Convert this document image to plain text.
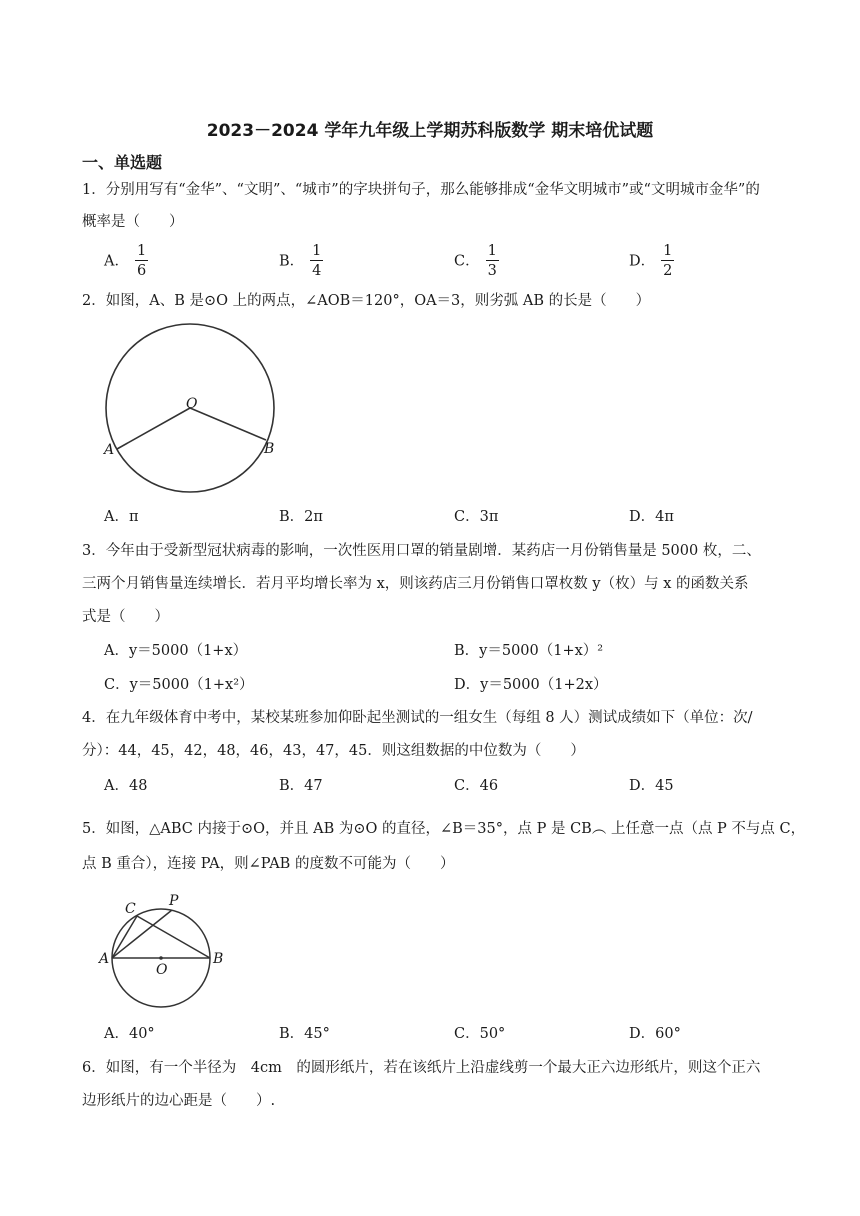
2023－2024 学年九年级上学期苏科版数学 期末培优试题
一、单选题
1．分别用写有“金华”、“文明”、“城市”的字块拼句子，那么能够排成“金华文明城市”或“文明城市金华”的
概率是（　　）
A． $\frac{1}{6}$	B． $\frac{1}{4}$	C． $\frac{1}{3}$	D． $\frac{1}{2}$
2．如图，A、B 是⊙O 上的两点，∠AOB＝120°，OA＝3，则劣弧 AB 的长是（　　）
O
A	B
A．π	B．2π	C．3π	D．4π
3．今年由于受新型冠状病毒的影响，一次性医用口罩的销量剧增．某药店一月份销售量是 5000 枚，二、
三两个月销售量连续增长．若月平均增长率为 x，则该药店三月份销售口罩枚数 y（枚）与 x 的函数关系
式是（　　）
A．y＝5000（1+x）	B．y＝5000（1+x）²
C．y＝5000（1+x²）	D．y＝5000（1+2x）
4．在九年级体育中考中，某校某班参加仰卧起坐测试的一组女生（每组 8 人）测试成绩如下（单位：次/
分）：44，45，42，48，46，43，47，45．则这组数据的中位数为（　　）
A．48	B．47	C．46	D．45
5．如图，△ABC 内接于⊙O，并且 AB 为⊙O 的直径，∠B＝35°，点 P 是 CB︵ 上任意一点（点 P 不与点 C，
点 B 重合），连接 PA，则∠PAB 的度数不可能为（　　）
C P
A
O
B
A．40°	B．45°	C．50°	D．60°
6．如图，有一个半径为　4cm　的圆形纸片，若在该纸片上沿虚线剪一个最大正六边形纸片，则这个正六
边形纸片的边心距是（　　）.
